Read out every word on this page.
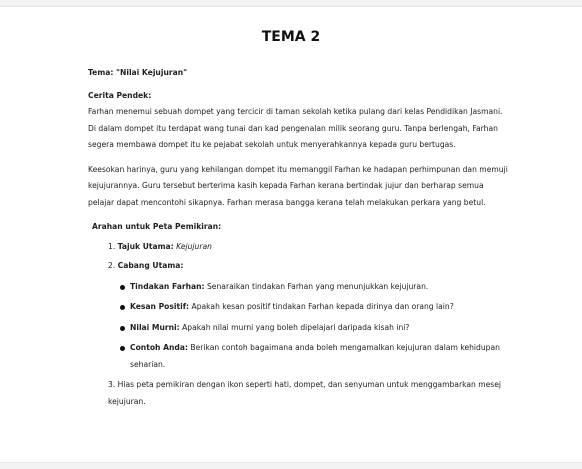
TEMA 2
Tema: "Nilai Kejujuran"
Cerita Pendek:

Farhan menemui sebuah dompet yang tercicir di taman sekolah ketika pulang dari kelas Pendidikan Jasmani. Di dalam dompet itu terdapat wang tunai dan kad pengenalan milik seorang guru. Tanpa berlengah, Farhan segera membawa dompet itu ke pejabat sekolah untuk menyerahkannya kepada guru bertugas.

Keesokan harinya, guru yang kehilangan dompet itu memanggil Farhan ke hadapan perhimpunan dan memuji kejujurannya. Guru tersebut berterima kasih kepada Farhan kerana bertindak jujur dan berharap semua pelajar dapat mencontohi sikapnya. Farhan merasa bangga kerana telah melakukan perkara yang betul.

Arahan untuk Peta Pemikiran:
1. Tajuk Utama: Kejujuran
2. Cabang Utama:
Tindakan Farhan: Senaraikan tindakan Farhan yang menunjukkan kejujuran.
Kesan Positif: Apakah kesan positif tindakan Farhan kepada dirinya dan orang lain?
Nilai Murni: Apakah nilai murni yang boleh dipelajari daripada kisah ini?
Contoh Anda: Berikan contoh bagaimana anda boleh mengamalkan kejujuran dalam kehidupan seharian.
3. Hias peta pemikiran dengan ikon seperti hati, dompet, dan senyuman untuk menggambarkan mesej kejujuran.
